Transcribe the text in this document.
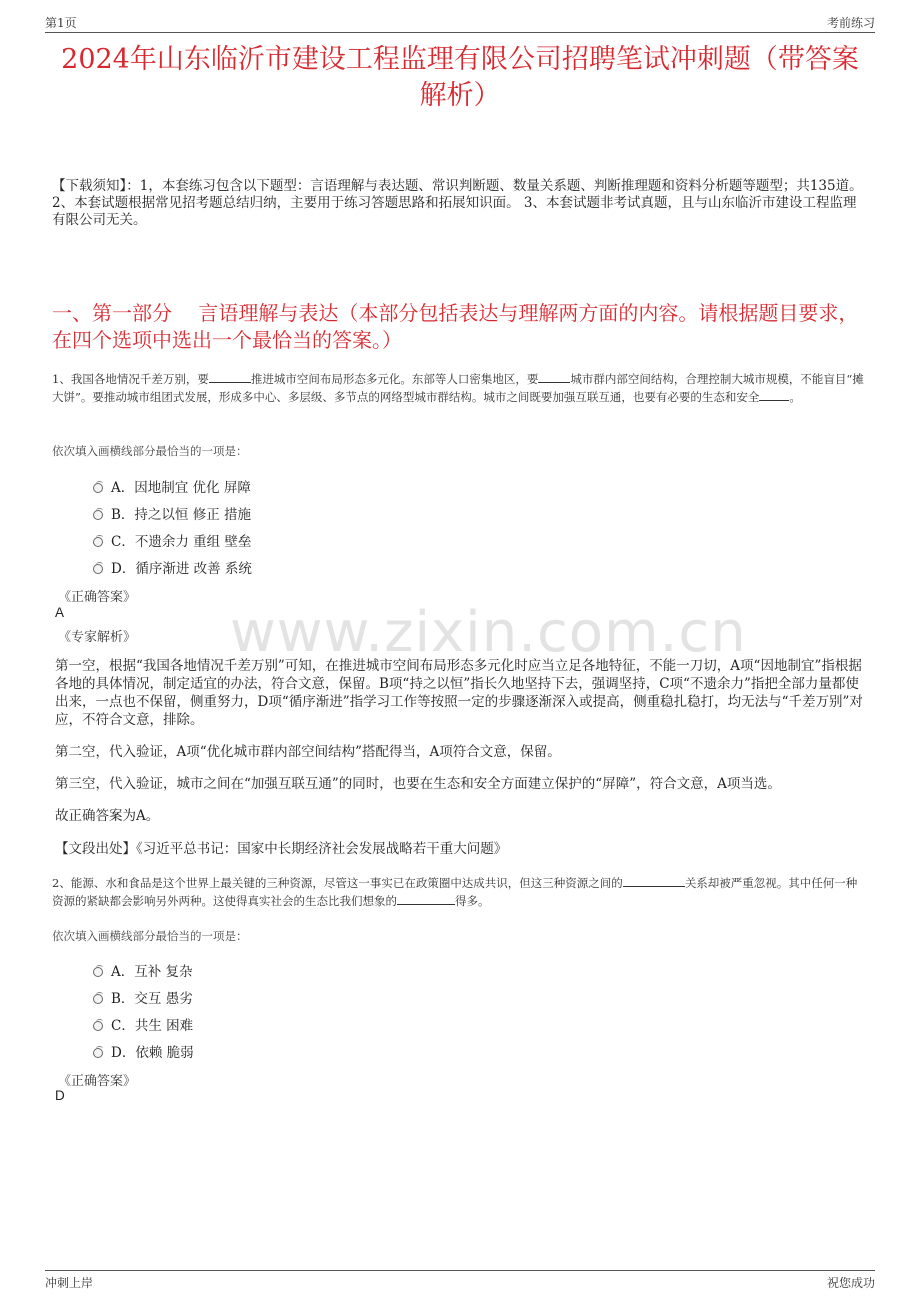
第1页	考前练习
2024年山东临沂市建设工程监理有限公司招聘笔试冲刺题（带答案解析）
【下载须知】：1，本套练习包含以下题型：言语理解与表达题、常识判断题、数量关系题、判断推理题和资料分析题等题型；共135道。 2、本套试题根据常见招考题总结归纳，主要用于练习答题思路和拓展知识面。 3、本套试题非考试真题，且与山东临沂市建设工程监理有限公司无关。
一、第一部分　 言语理解与表达（本部分包括表达与理解两方面的内容。请根据题目要求，在四个选项中选出一个最恰当的答案。）
1、我国各地情况千差万别，要	推进城市空间布局形态多元化。东部等人口密集地区，要	城市群内部空间结构，合理控制大城市规模，不能盲目“摊大饼”。要推动城市组团式发展，形成多中心、多层级、多节点的网络型城市群结构。城市之间既要加强互联互通，也要有必要的生态和安全	。
依次填入画横线部分最恰当的一项是：
A．因地制宜 优化 屏障
B．持之以恒 修正 措施
C．不遗余力 重组 壁垒
D．循序渐进 改善 系统
《正确答案》
A
《专家解析》 www.zixin.com.cn
第一空，根据“我国各地情况千差万别”可知，在推进城市空间布局形态多元化时应当立足各地特征，不能一刀切，A项“因地制宜”指根据各地的具体情况，制定适宜的办法，符合文意，保留。B项“持之以恒”指长久地坚持下去，强调坚持，C项“不遗余力”指把全部力量都使出来，一点也不保留，侧重努力，D项“循序渐进”指学习工作等按照一定的步骤逐渐深入或提高，侧重稳扎稳打，均无法与“千差万别”对应，不符合文意，排除。
第二空，代入验证，A项“优化城市群内部空间结构”搭配得当，A项符合文意，保留。
第三空，代入验证，城市之间在“加强互联互通”的同时，也要在生态和安全方面建立保护的“屏障”，符合文意，A项当选。
故正确答案为A。
【文段出处】《习近平总书记：国家中长期经济社会发展战略若干重大问题》
2、能源、水和食品是这个世界上最关键的三种资源，尽管这一事实已在政策圈中达成共识，但这三种资源之间的	关系却被严重忽视。其中任何一种资源的紧缺都会影响另外两种。这使得真实社会的生态比我们想象的	得多。
依次填入画横线部分最恰当的一项是：
A．互补 复杂
B．交互 愚劣
C．共生 困难
D．依赖 脆弱
《正确答案》
D
冲刺上岸	祝您成功
